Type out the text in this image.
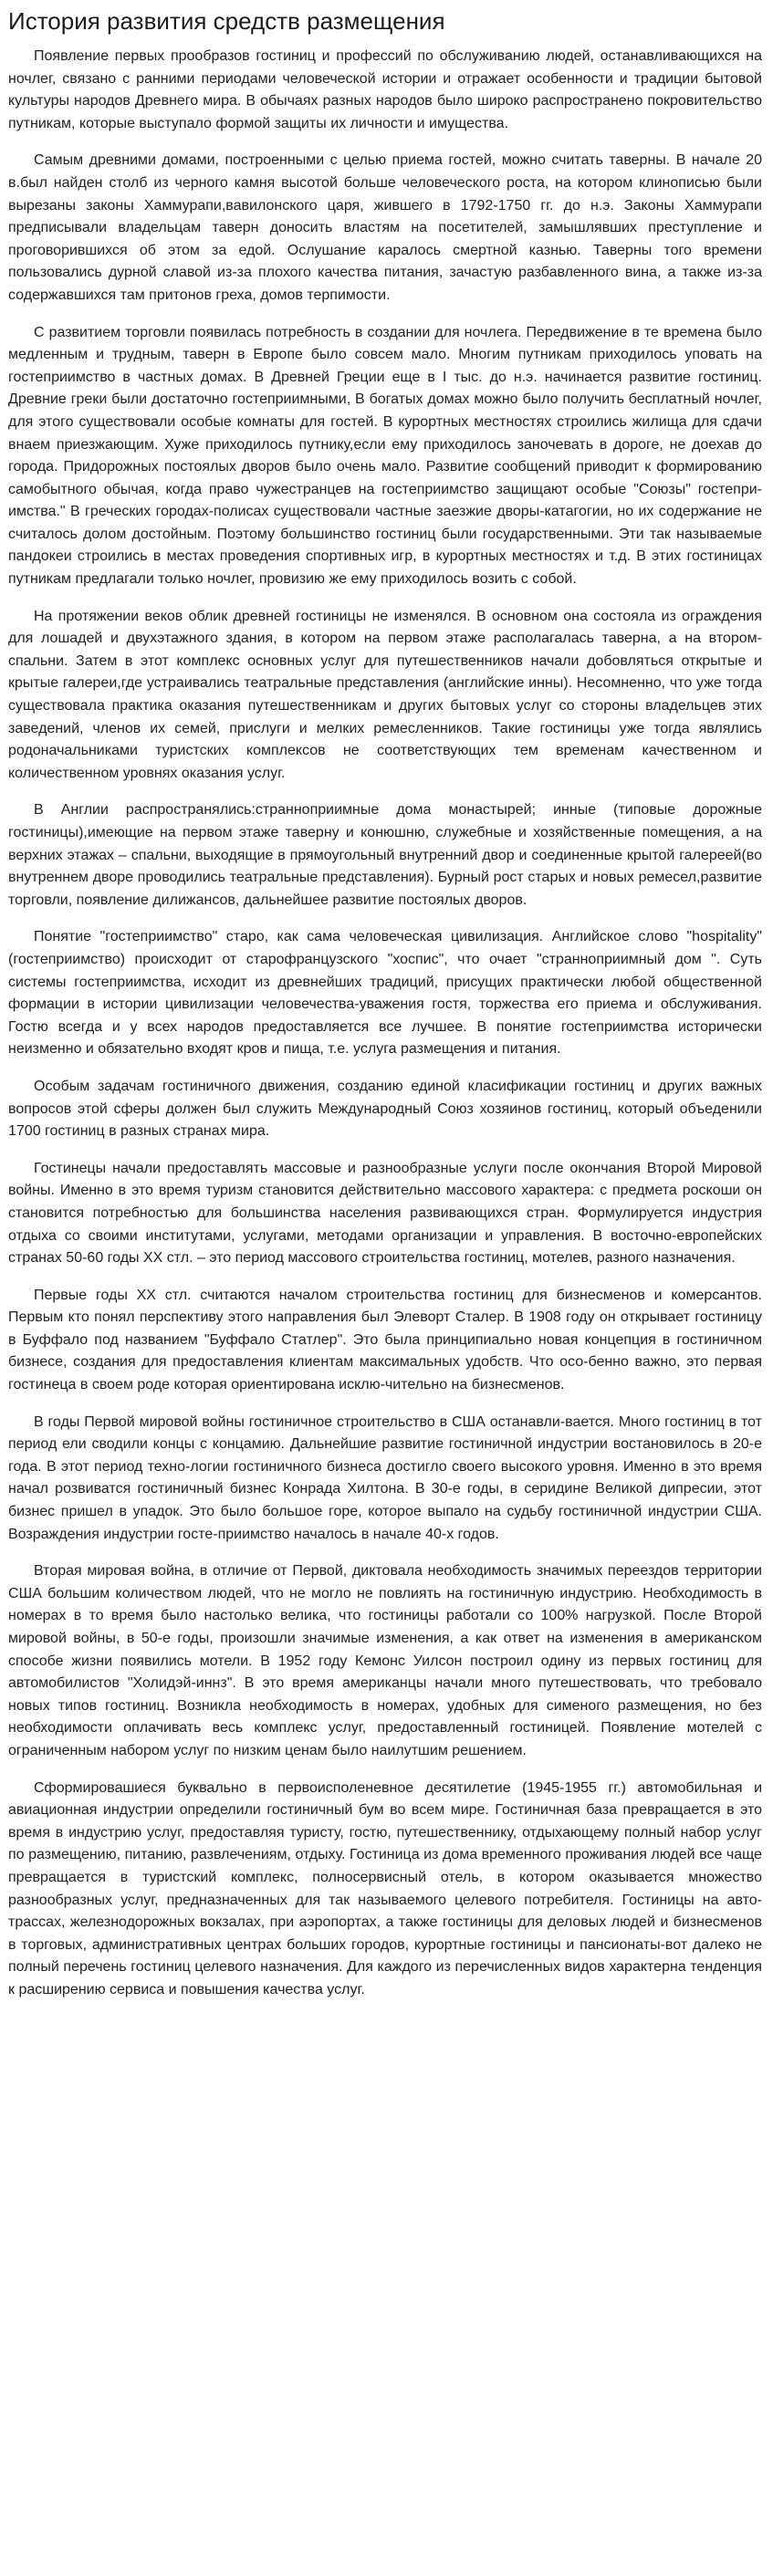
История развития средств размещения

Появление первых прообразов гостиниц и профессий по обслуживанию людей, останавливающихся на ночлег, связано с ранними периодами человеческой истории и отражает особенности и традиции бытовой культуры народов Древнего мира. В обычаях разных народов было широко распространено покровительство путникам, которые выступало формой защиты их личности и имущества.

Самым древними домами, построенными с целью приема гостей, можно считать таверны. В начале 20 в.был найден столб из черного камня высотой больше человеческого роста, на котором клинописью были вырезаны законы Хаммурапи,вавилонского царя, жившего в 1792-1750 гг. до н.э. Законы Хаммурапи предписывали владельцам таверн доносить властям на посетителей, замышлявших преступление и проговорившихся об этом за едой. Ослушание каралось смертной казнью. Таверны того времени пользовались дурной славой из-за плохого качества питания, зачастую разбавленного вина, а также из-за содержавшихся там притонов греха, домов терпимости.

С развитием торговли появилась потребность в создании для ночлега. Передвижение в те времена было медленным и трудным, таверн в Европе было совсем мало. Многим путникам приходилось уповать на гостеприимство в частных домах. В Древней Греции еще в I тыс. до н.э. начинается развитие гостиниц. Древние греки были достаточно гостеприимными, В богатых домах можно было получить бесплатный ночлег, для этого существовали особые комнаты для гостей. В курортных местностях строились жилища для сдачи внаем приезжающим. Хуже приходилось путнику,если ему приходилось заночевать в дороге, не доехав до города. Придорожных постоялых дворов было очень мало. Развитие сообщений приводит к формированию самобытного обычая, когда право чужестранцев на гостеприимство защищают особые "Союзы" гостепри- имства." В греческих городах-полисах существовали частные заезжие дворы-катагогии, но их содержание не считалось долом достойным. Поэтому большинство гостиниц были государственными. Эти так называемые пандокеи строились в местах проведения спортивных игр, в курортных местностях и т.д. В этих гостиницах путникам предлагали только ночлег, провизию же ему приходилось возить с собой.

На протяжении веков облик древней гостиницы не изменялся. В основном она состояла из ограждения для лошадей и двухэтажного здания, в котором на первом этаже располагалась таверна, а на втором-спальни. Затем в этот комплекс основных услуг для путешественников начали добовляться открытые и крытые галереи,где устраивались театральные представления (английские инны). Несомненно, что уже тогда существовала практика оказания путешественникам и других бытовых услуг со стороны владельцев этих заведений, членов их семей, прислуги и мелких ремесленников. Такие гостиницы уже тогда являлись родоначальниками туристских комплексов не соответствующих тем временам качественном и количественном уровнях оказания услуг.

В Англии распространялись:странноприимные дома монастырей; инные (типовые дорожные гостиницы),имеющие на первом этаже таверну и конюшню, служебные и хозяйственные помещения, а на верхних этажах – спальни, выходящие в прямоугольный внутренний двор и соединенные крытой галереей(во внутреннем дворе проводились театральные представления). Бурный рост старых и новых ремесел,развитие торговли, появление дилижансов, дальнейшее развитие постоялых дворов.

Понятие "гостеприимство" старо, как сама человеческая цивилизация. Английское слово "hospitality"(гостеприимство) происходит от старофранцузского "хоспис", что очает "странноприимный дом ". Суть системы гостеприимства, исходит из древнейших традиций, присущих практически любой общественной формации в истории цивилизации человечества-уважения гостя, торжества его приема и обслуживания. Гостю всегда и у всех народов предоставляется все лучшее. В понятие гостеприимства исторически неизменно и обязательно входят кров и пища, т.е. услуга размещения и питания.

Особым задачам гостиничного движения, созданию единой класификации гостиниц и других важных вопросов этой сферы должен был служить Международный Союз хозяинов гостиниц, который объеденили 1700 гостиниц в разных странах мира.

Гостинецы начали предоставлять массовые и разнообразные услуги после окончания Второй Мировой войны. Именно в это время туризм становится действительно массового характера: с предмета роскоши он становится потребностью для большинства населения развивающихся стран. Формулируется индустрия отдыха со своими институтами, услугами, методами организации и управления. В восточно-европейских странах 50-60 годы XX стл. – это период массового строительства гостиниц, мотелев, разного назначения.

Первые годы XX стл. считаются началом строительства гостиниц для бизнесменов и комерсантов. Первым кто понял перспективу этого направления был Элеворт Сталер. В 1908 году он открывает гостиницу в Буффало под названием "Буффало Статлер". Это была принципиально новая концепция в гостиничном бизнесе, создания для предоставления клиентам максимальных удобств. Что осо-бенно важно, это первая гостинеца в своем роде которая ориентирована исклю-чительно на бизнесменов.

В годы Первой мировой войны гостиничное строительство в США останавли-вается. Много гостиниц в тот период ели сводили концы с концамию. Дальнейшие развитие гостиничной индустрии востановилось в 20-е года. В этот период техно-логии гостиничного бизнеса достигло своего высокого уровня. Именно в это время начал розвиватся гостиничный бизнес Конрада Хилтона. В 30-е годы, в серидине Великой дипресии, этот бизнес пришел в упадок. Это было большое горе, которое выпало на судьбу гостиничной индустрии США. Возраждения индустрии госте-приимство началось в начале 40-х годов.

Вторая мировая война, в отличие от Первой, диктовала необходимость значимых переездов территории США большим количеством людей, что не могло не повлиять на гостиничную индустрию. Необходимость в номерах в то время было настолько велика, что гостиницы работали со 100% нагрузкой. После Второй мировой войны, в 50-е годы, произошли значимые изменения, а как ответ на изменения в американском способе жизни появились мотели. В 1952 году Кемонс Уилсон построил одину из первых гостиниц для автомобилистов "Холидэй-иннз". В это время американцы начали много путешествовать, что требовало новых типов гостиниц. Возникла необходимость в номерах, удобных для сименого размещения, но без необходимости оплачивать весь комплекс услуг, предоставленный гостиницей. Появление мотелей с ограниченным набором услуг по низким ценам было наилутшим решением.

Сформировашиеся буквально в первоисполеневное десятилетие (1945-1955 гг.) автомобильная и авиационная индустрии определили гостиничный бум во всем мире. Гостиничная база превращается в это время в индустрию услуг, предоставляя туристу, гостю, путешественнику, отдыхающему полный набор услуг по размещению, питанию, развлечениям, отдыху. Гостиница из дома временного проживания людей все чаще превращается в туристский комплекс, полносервисный отель, в котором оказывается множество разнообразных услуг, предназначенных для так называемого целевого потребителя. Гостиницы на авто-трассах, железнодорожных вокзалах, при аэропортах, а также гостиницы для деловых людей и бизнесменов в торговых, административных центрах больших городов, курортные гостиницы и пансионаты-вот далеко не полный перечень гостиниц целевого назначения. Для каждого из перечисленных видов характерна тенденция к расширению сервиса и повышения качества услуг.
